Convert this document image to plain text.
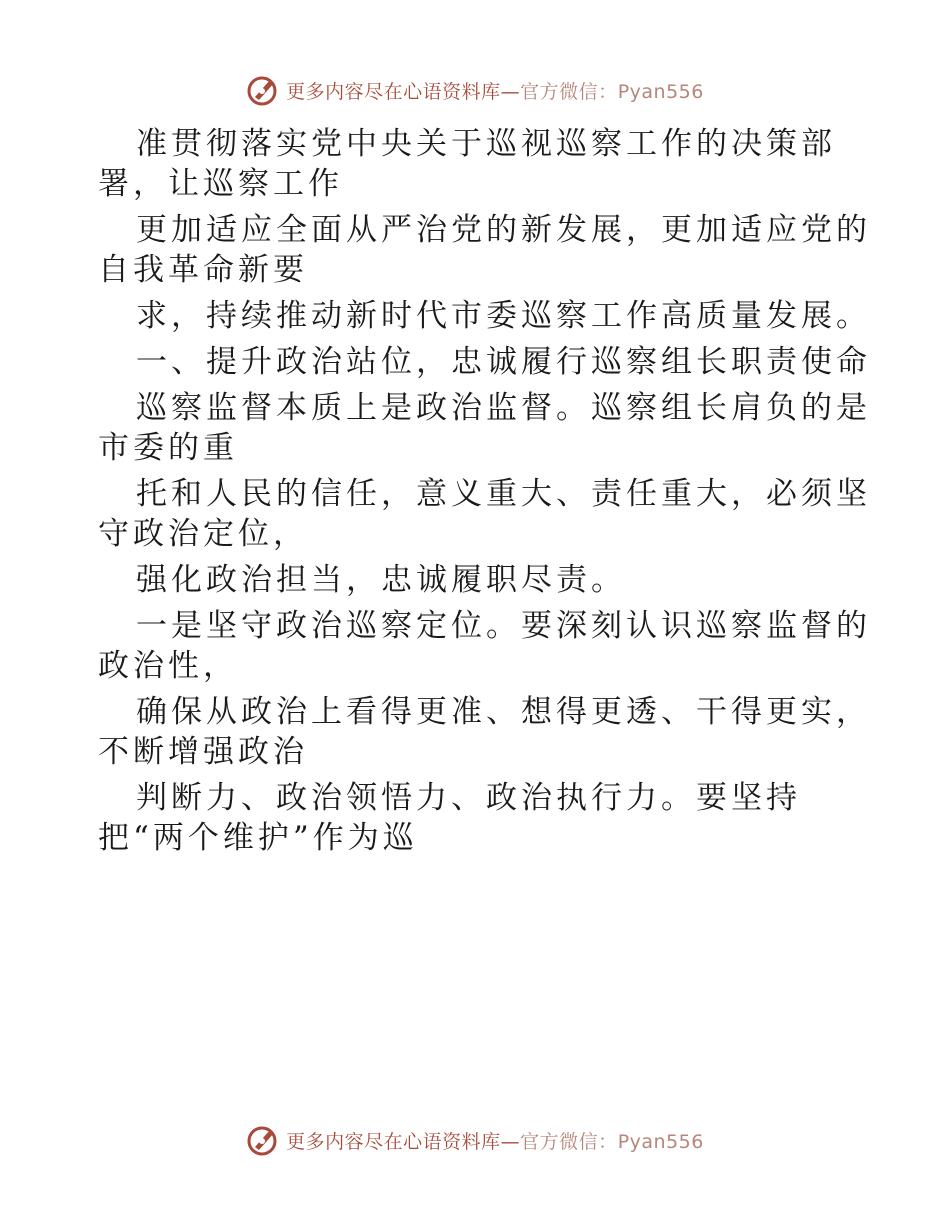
更多内容尽在心语资料库—官方微信：Pyan556
准贯彻落实党中央关于巡视巡察工作的决策部
署，让巡察工作
更加适应全面从严治党的新发展，更加适应党的
自我革命新要
求，持续推动新时代市委巡察工作高质量发展。
一、提升政治站位，忠诚履行巡察组长职责使命
巡察监督本质上是政治监督。巡察组长肩负的是
市委的重
托和人民的信任，意义重大、责任重大，必须坚
守政治定位，
强化政治担当，忠诚履职尽责。
一是坚守政治巡察定位。要深刻认识巡察监督的
政治性，
确保从政治上看得更准、想得更透、干得更实，
不断增强政治
判断力、政治领悟力、政治执行力。要坚持
把“两个维护”作为巡
更多内容尽在心语资料库—官方微信：Pyan556
